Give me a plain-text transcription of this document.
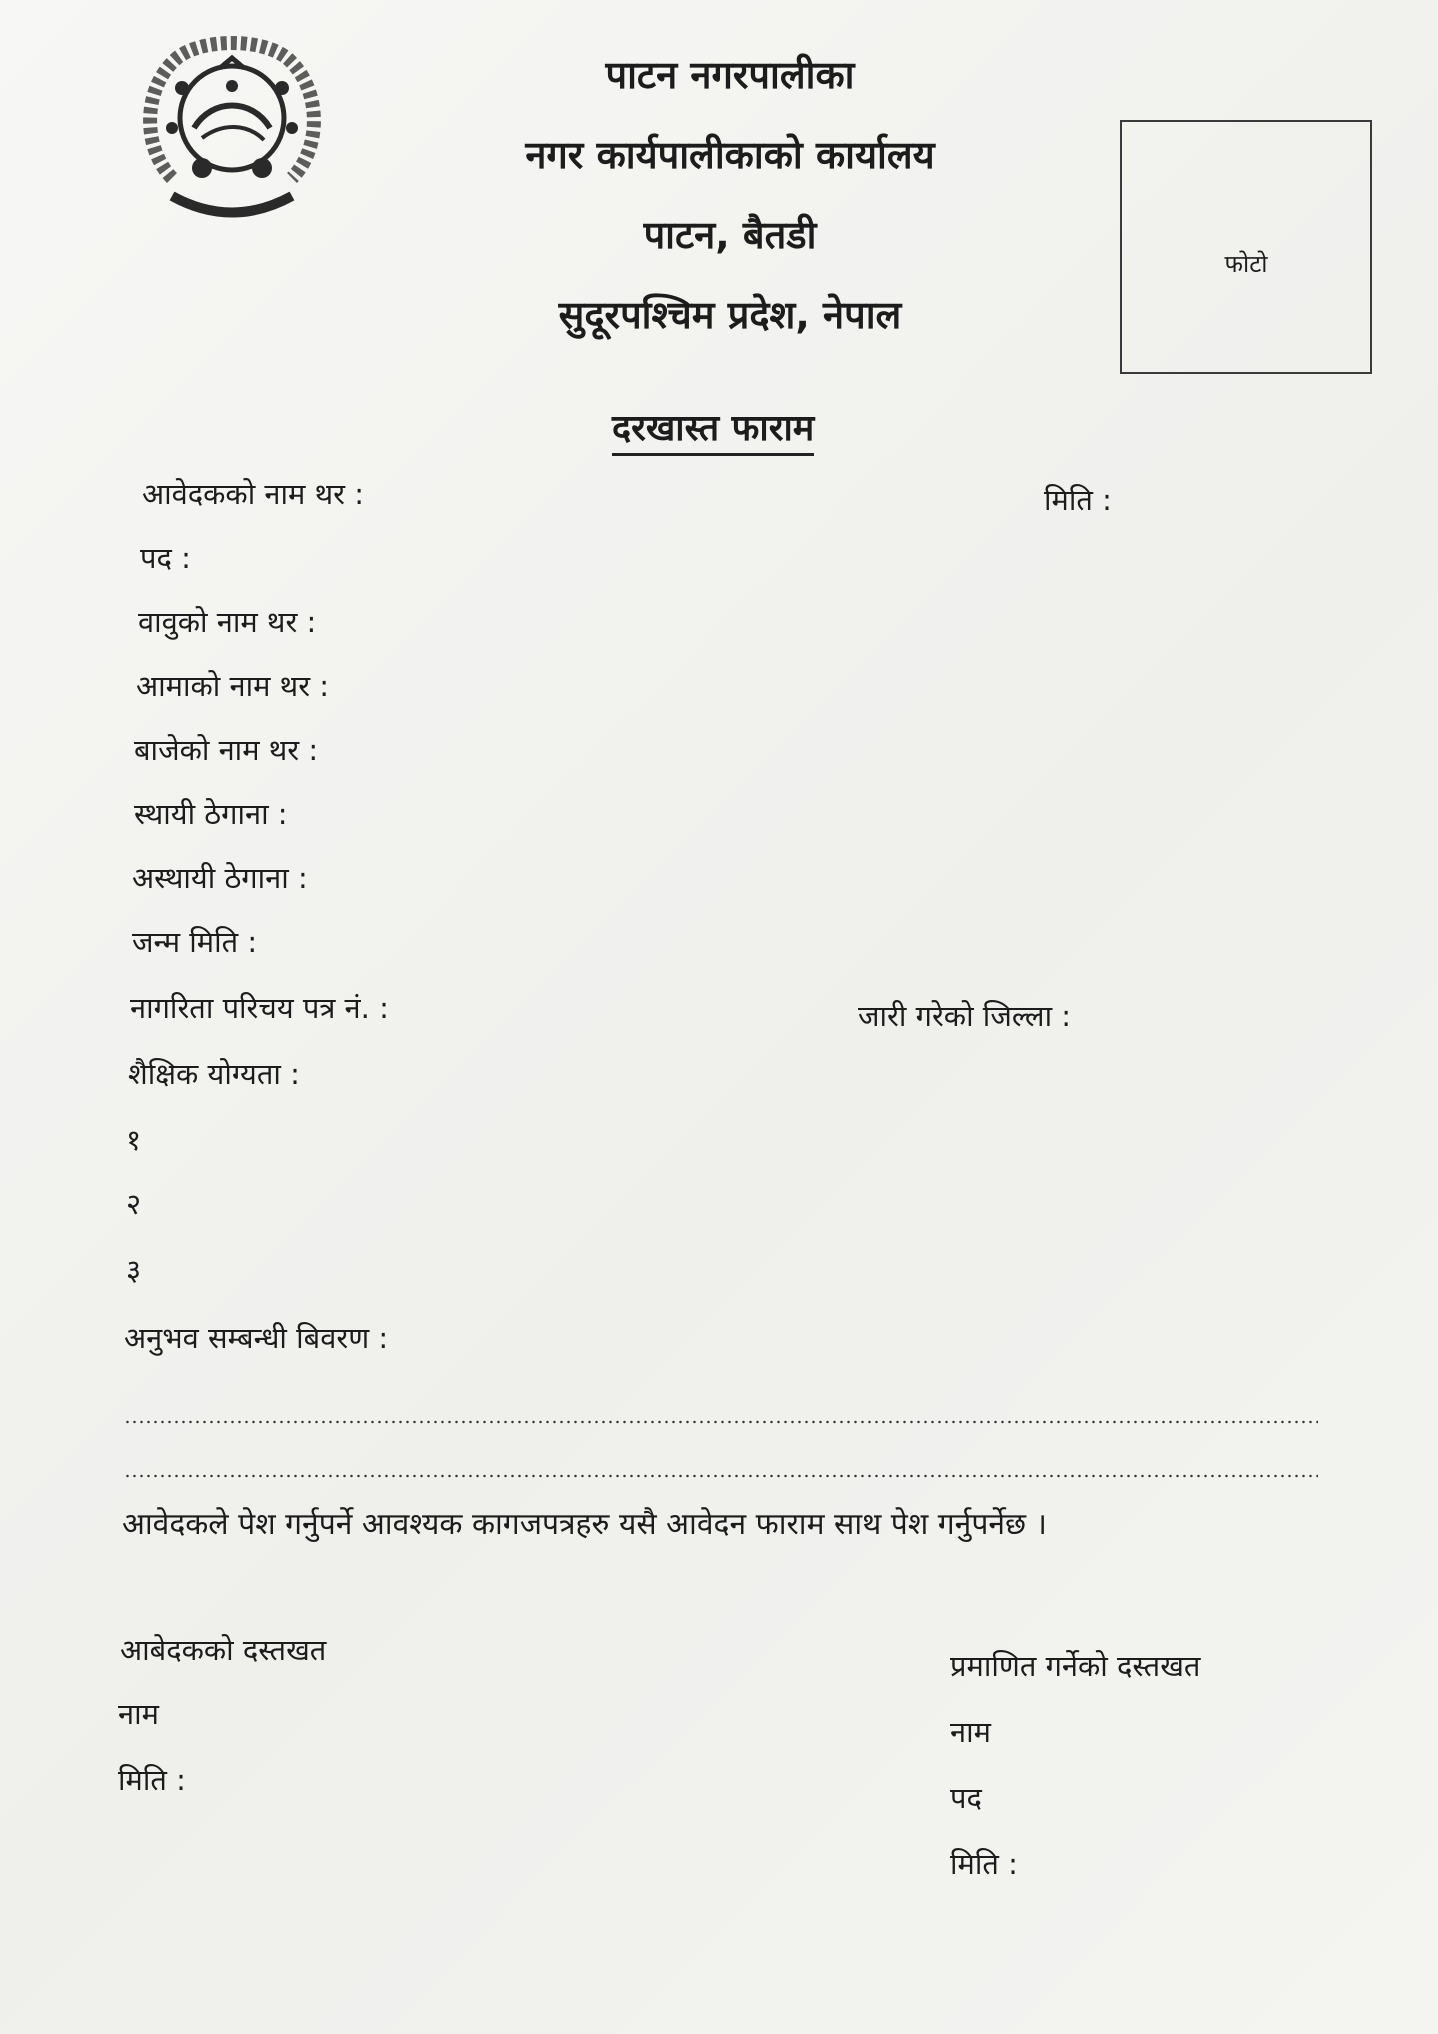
पाटन नगरपालीका
नगर कार्यपालीकाको कार्यालय
पाटन, बैतडी
सुदूरपश्चिम प्रदेश, नेपाल
फोटो
दरखास्त फाराम
आवेदकको नाम थर :	मिति :
पद :
वावुको नाम थर :
आमाको नाम थर :
बाजेको नाम थर :
स्थायी ठेगाना :
अस्थायी ठेगाना :
जन्म मिति :
नागरिता परिचय पत्र नं. :	जारी गरेको जिल्ला :
शैक्षिक योग्यता :
१
२
३
अनुभव सम्बन्धी बिवरण :
आवेदकले पेश गर्नुपर्ने आवश्यक कागजपत्रहरु यसै आवेदन फाराम साथ पेश गर्नुपर्नेछ ।
आबेदकको दस्तखत
नाम
मिति :
प्रमाणित गर्नेको दस्तखत
नाम
पद
मिति :
